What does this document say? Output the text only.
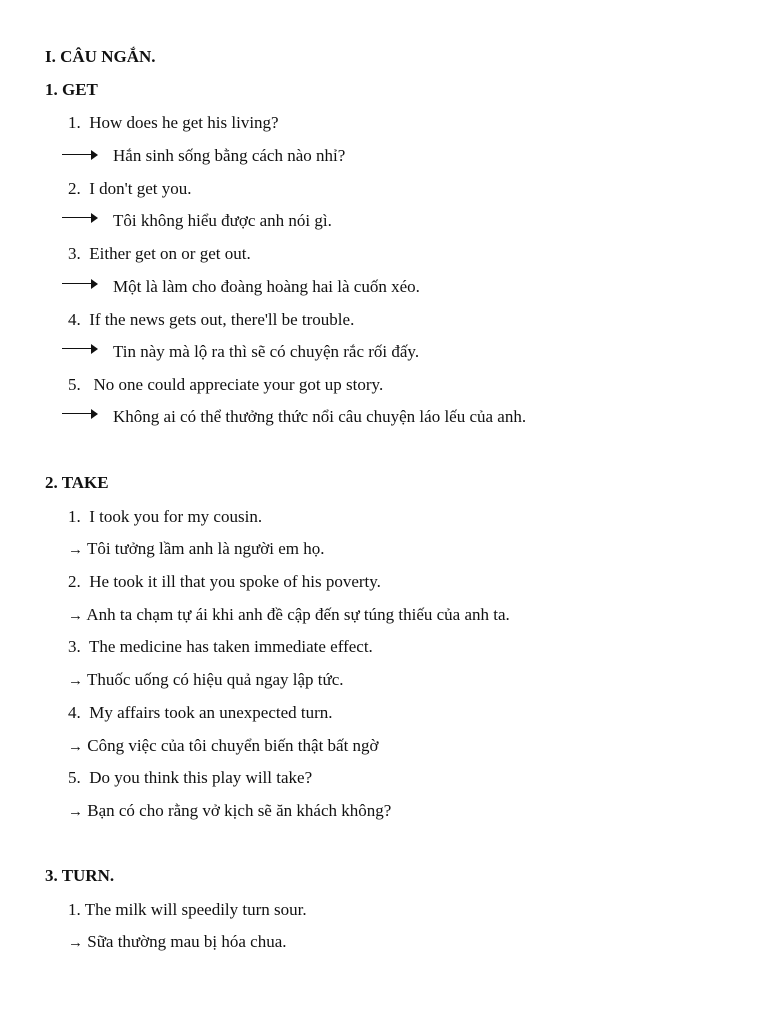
I. CÂU NGẮN.
1. GET
1. How does he get his living?
Hắn sinh sống bằng cách nào nhỉ?
2. I don't get you.
Tôi không hiểu được anh nói gì.
3. Either get on or get out.
Một là làm cho đoàng hoàng hai là cuốn xéo.
4. If the news gets out, there'll be trouble.
Tin này mà lộ ra thì sẽ có chuyện rắc rối đấy.
5. No one could appreciate your got up story.
Không ai có thể thưởng thức nổi câu chuyện láo lếu của anh.
2. TAKE
1. I took you for my cousin.
→ Tôi tưởng lầm anh là người em họ.
2. He took it ill that you spoke of his poverty.
→ Anh ta chạm tự ái khi anh đề cập đến sự túng thiếu của anh ta.
3. The medicine has taken immediate effect.
→ Thuốc uống có hiệu quả ngay lập tức.
4. My affairs took an unexpected turn.
→ Công việc của tôi chuyển biến thật bất ngờ
5. Do you think this play will take?
→ Bạn có cho rằng vở kịch sẽ ăn khách không?
3. TURN.
1. The milk will speedily turn sour.
→ Sữa thường mau bị hóa chua.
